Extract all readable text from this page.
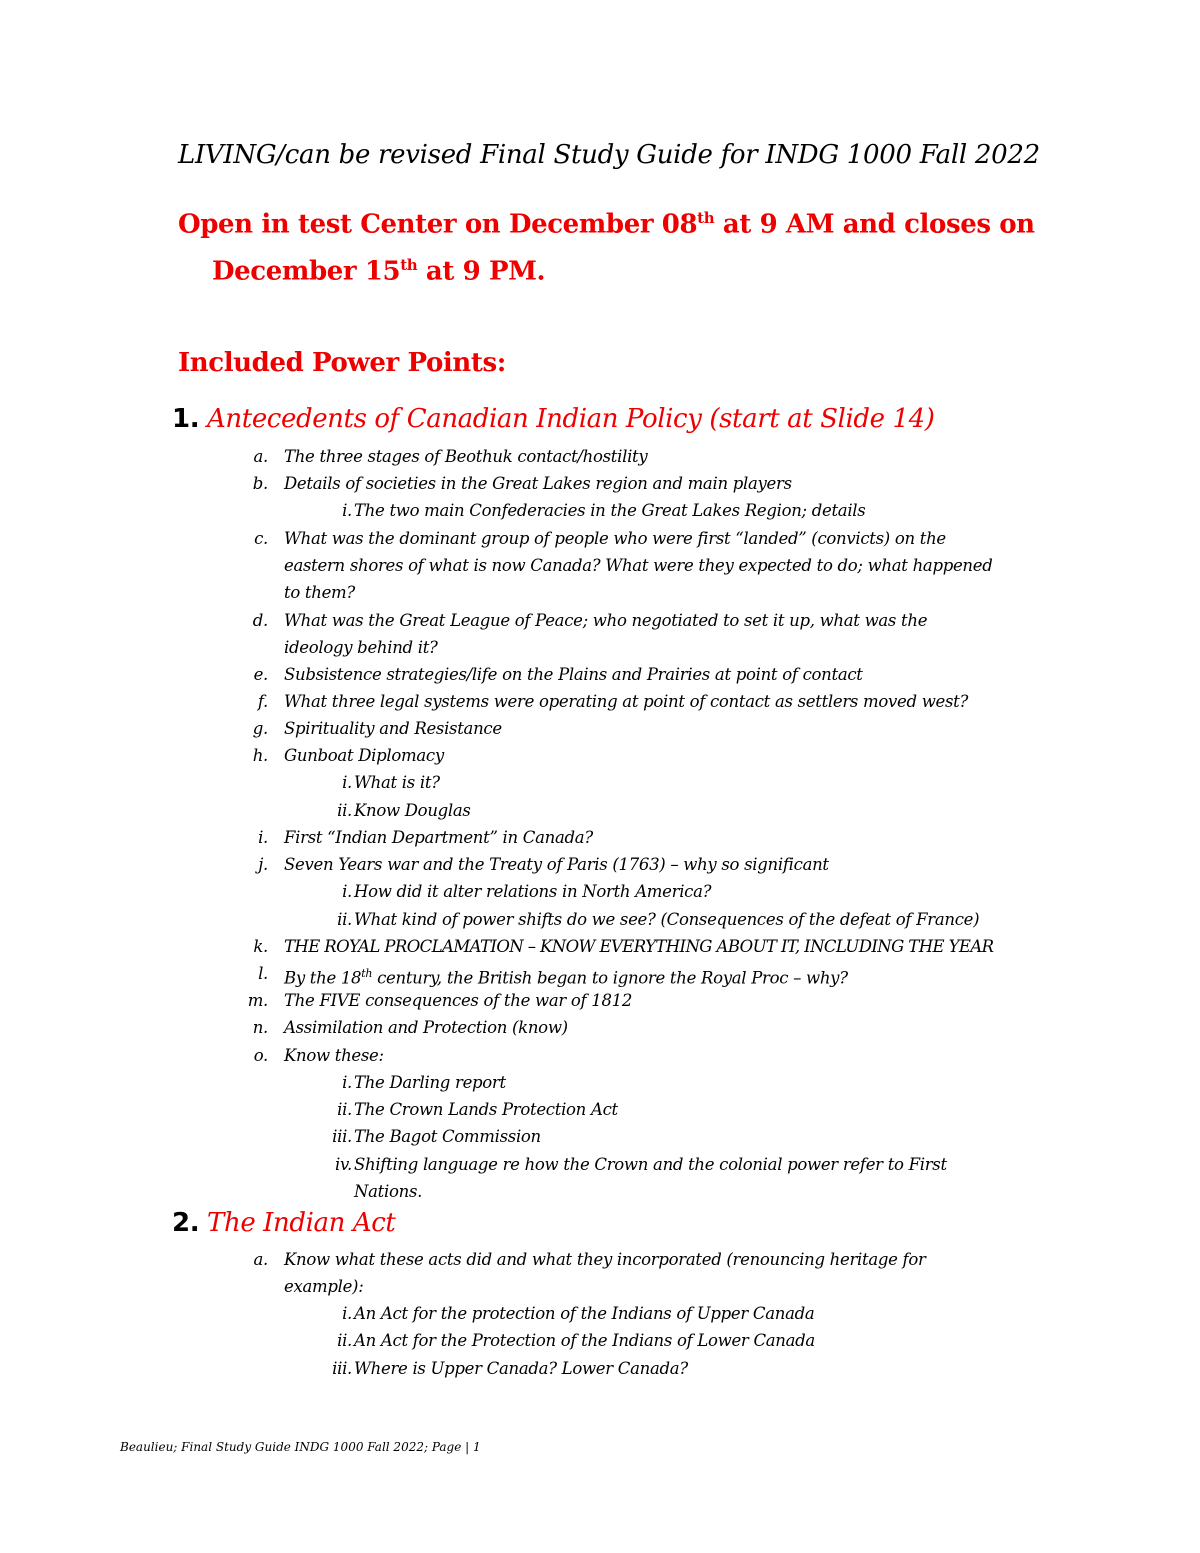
LIVING/can be revised Final Study Guide for INDG 1000 Fall 2022
Open in test Center on December 08th at 9 AM and closes on
December 15th at 9 PM.
Included Power Points:
1. Antecedents of Canadian Indian Policy (start at Slide 14)
a. The three stages of Beothuk contact/hostility
b. Details of societies in the Great Lakes region and main players
i. The two main Confederacies in the Great Lakes Region; details
c. What was the dominant group of people who were first “landed” (convicts) on the
eastern shores of what is now Canada? What were they expected to do; what happened
to them?
d. What was the Great League of Peace; who negotiated to set it up, what was the
ideology behind it?
e. Subsistence strategies/life on the Plains and Prairies at point of contact
f. What three legal systems were operating at point of contact as settlers moved west?
g. Spirituality and Resistance
h. Gunboat Diplomacy
i. What is it?
ii. Know Douglas
i. First “Indian Department” in Canada?
j. Seven Years war and the Treaty of Paris (1763) – why so significant
i. How did it alter relations in North America?
ii. What kind of power shifts do we see? (Consequences of the defeat of France)
k. THE ROYAL PROCLAMATION – KNOW EVERYTHING ABOUT IT, INCLUDING THE YEAR
l. By the 18th century, the British began to ignore the Royal Proc – why?
m. The FIVE consequences of the war of 1812
n. Assimilation and Protection (know)
o. Know these:
i. The Darling report
ii. The Crown Lands Protection Act
iii. The Bagot Commission
iv. Shifting language re how the Crown and the colonial power refer to First
Nations.
2. The Indian Act
a. Know what these acts did and what they incorporated (renouncing heritage for
example):
i. An Act for the protection of the Indians of Upper Canada
ii. An Act for the Protection of the Indians of Lower Canada
iii. Where is Upper Canada? Lower Canada?
Beaulieu; Final Study Guide INDG 1000 Fall 2022; Page | 1
